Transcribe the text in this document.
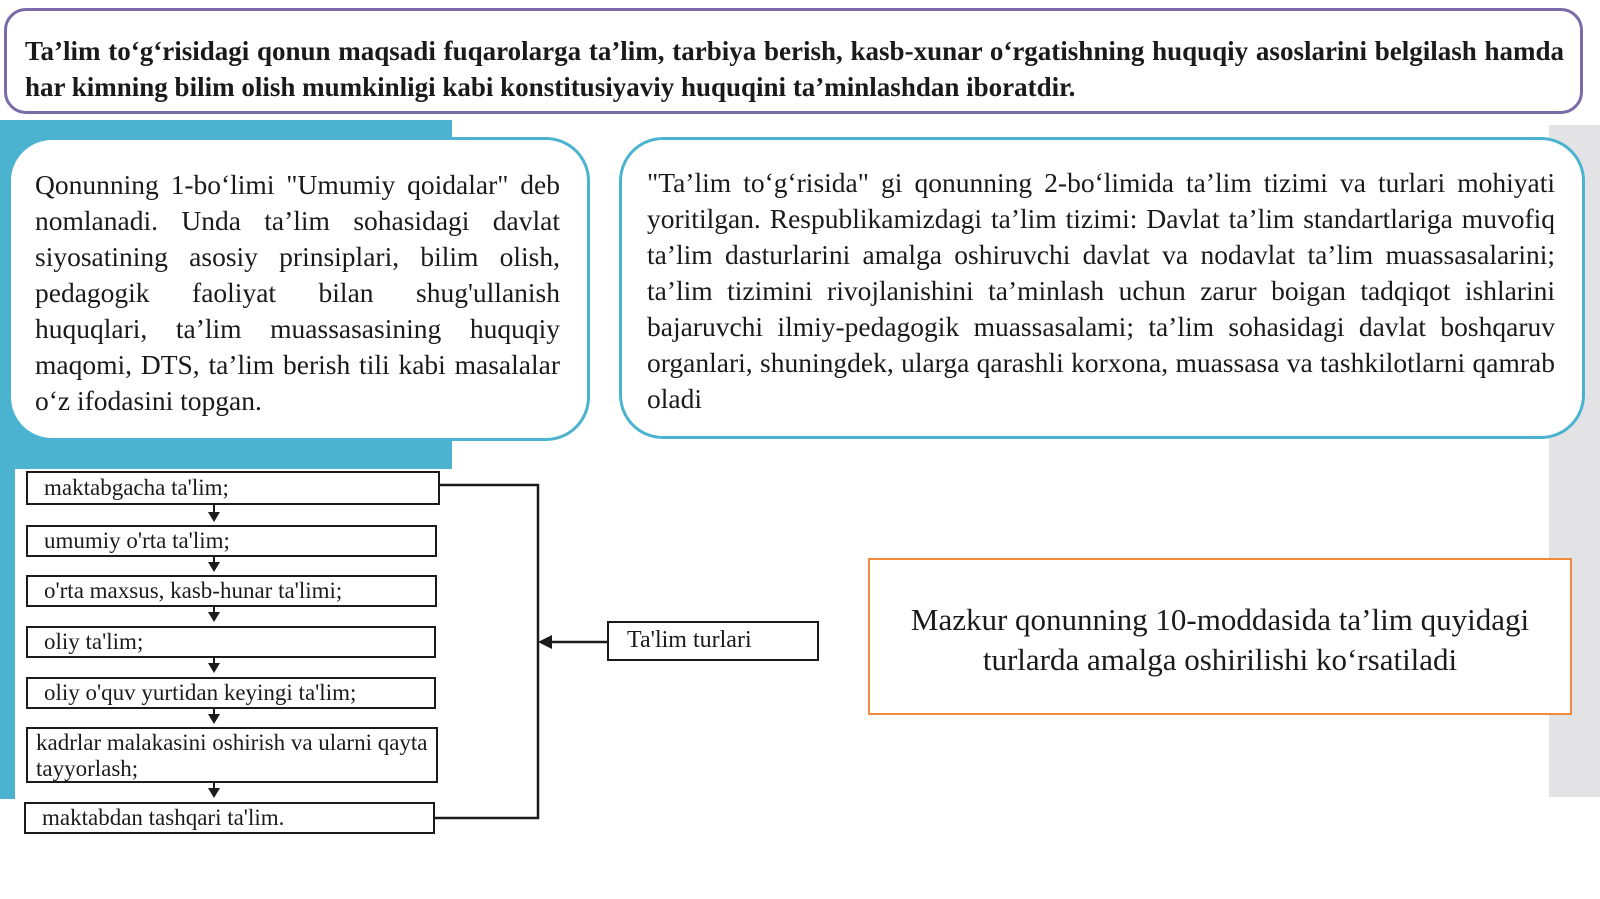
Ta’lim to‘g‘risidagi qonun maqsadi fuqarolarga ta’lim, tarbiya berish, kasb-xunar o‘rgatishning huquqiy asoslarini belgilash hamda har kimning bilim olish mumkinligi kabi konstitusiyaviy huquqini ta’minlashdan iboratdir.
Qonunning 1-bo‘limi "Umumiy qoidalar" deb nomlanadi. Unda ta’lim sohasidagi davlat siyosatining asosiy prinsiplari, bilim olish, pedagogik faoliyat bilan shug'ullanish huquqlari, ta’lim muassasasining huquqiy maqomi, DTS, ta’lim berish tili kabi masalalar o‘z ifodasini topgan.
"Ta’lim to‘g‘risida" gi qonunning 2-bo‘limida ta’lim tizimi va turlari mohiyati yoritilgan. Respublikamizdagi ta’lim tizimi: Davlat ta’lim standartlariga muvofiq ta’lim dasturlarini amalga oshiruvchi davlat va nodavlat ta’lim muassasalarini; ta’lim tizimini rivojlanishini ta’minlash uchun zarur boigan tadqiqot ishlarini bajaruvchi ilmiy-pedagogik muassasalami; ta’lim sohasidagi davlat boshqaruv organlari, shuningdek, ularga qarashli korxona, muassasa va tashkilotlarni qamrab oladi
maktabgacha ta'lim;
umumiy o'rta ta'lim;
o'rta maxsus, kasb-hunar ta'limi;
oliy ta'lim;
oliy o'quv yurtidan keyingi ta'lim;
kadrlar malakasini oshirish va ularni qayta tayyorlash;
maktabdan tashqari ta'lim.
Ta'lim turlari
Mazkur qonunning 10-moddasida ta’lim quyidagi turlarda amalga oshirilishi ko‘rsatiladi
